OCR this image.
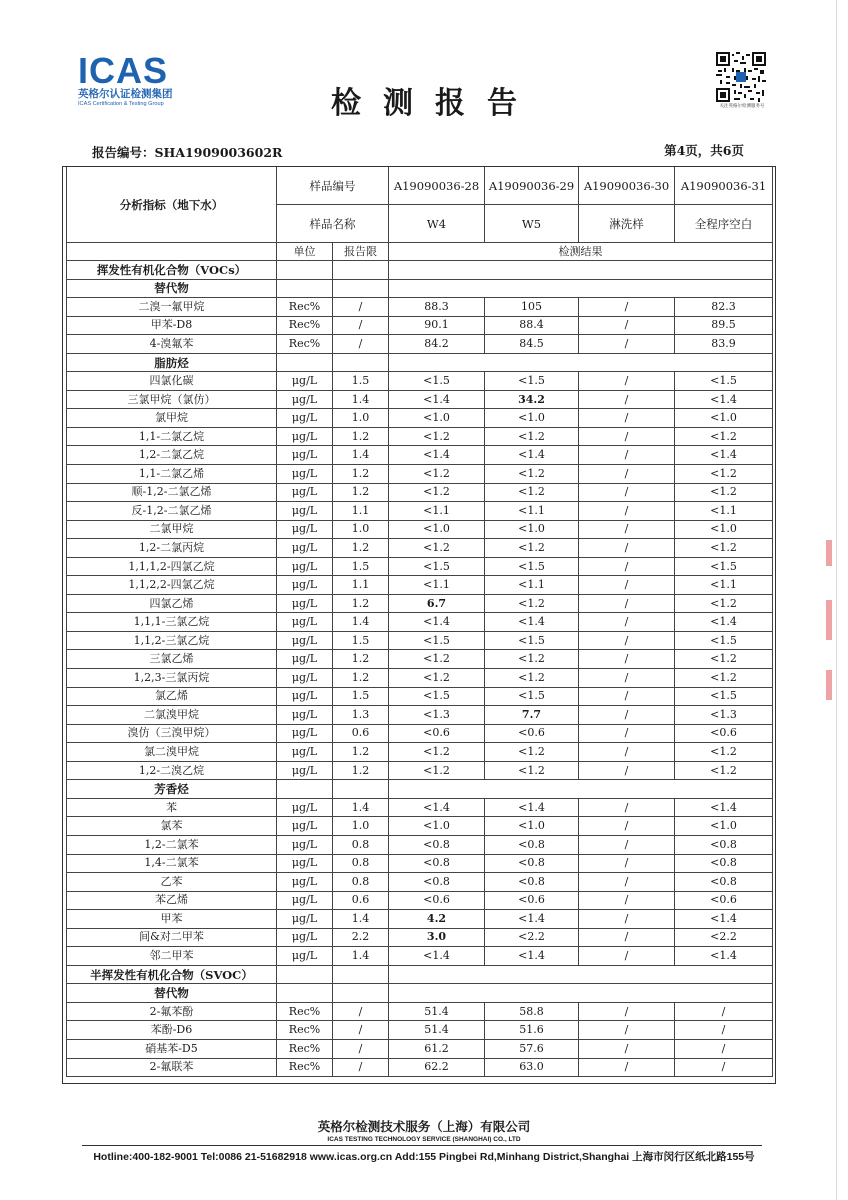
ICAS
英格尔认证检测集团
ICAS Certification & Testing Group	检测报告	关注英格尔检测服务号
报告编号：SHA1909003602R	第4页，共6页
分析指标（地下水）	样品编号		A19090036-28	A19090036-29	A19090036-30	A19090036-31
	样品名称		W4	W5	淋洗样	全程序空白
	单位	报告限	检测结果			
挥发性有机化合物（VOCs）						
替代物						
二溴一氟甲烷	Rec%	/	88.3	105	/	82.3
甲苯-D8	Rec%	/	90.1	88.4	/	89.5
4-溴氟苯	Rec%	/	84.2	84.5	/	83.9
脂肪烃						
四氯化碳	μg/L	1.5	<1.5	<1.5	/	<1.5
三氯甲烷（氯仿）	μg/L	1.4	<1.4	34.2	/	<1.4
氯甲烷	μg/L	1.0	<1.0	<1.0	/	<1.0
1,1-二氯乙烷	μg/L	1.2	<1.2	<1.2	/	<1.2
1,2-二氯乙烷	μg/L	1.4	<1.4	<1.4	/	<1.4
1,1-二氯乙烯	μg/L	1.2	<1.2	<1.2	/	<1.2
顺-1,2-二氯乙烯	μg/L	1.2	<1.2	<1.2	/	<1.2
反-1,2-二氯乙烯	μg/L	1.1	<1.1	<1.1	/	<1.1
二氯甲烷	μg/L	1.0	<1.0	<1.0	/	<1.0
1,2-二氯丙烷	μg/L	1.2	<1.2	<1.2	/	<1.2
1,1,1,2-四氯乙烷	μg/L	1.5	<1.5	<1.5	/	<1.5
1,1,2,2-四氯乙烷	μg/L	1.1	<1.1	<1.1	/	<1.1
四氯乙烯	μg/L	1.2	6.7	<1.2	/	<1.2
1,1,1-三氯乙烷	μg/L	1.4	<1.4	<1.4	/	<1.4
1,1,2-三氯乙烷	μg/L	1.5	<1.5	<1.5	/	<1.5
三氯乙烯	μg/L	1.2	<1.2	<1.2	/	<1.2
1,2,3-三氯丙烷	μg/L	1.2	<1.2	<1.2	/	<1.2
氯乙烯	μg/L	1.5	<1.5	<1.5	/	<1.5
二氯溴甲烷	μg/L	1.3	<1.3	7.7	/	<1.3
溴仿（三溴甲烷）	μg/L	0.6	<0.6	<0.6	/	<0.6
氯二溴甲烷	μg/L	1.2	<1.2	<1.2	/	<1.2
1,2-二溴乙烷	μg/L	1.2	<1.2	<1.2	/	<1.2
芳香烃						
苯	μg/L	1.4	<1.4	<1.4	/	<1.4
氯苯	μg/L	1.0	<1.0	<1.0	/	<1.0
1,2-二氯苯	μg/L	0.8	<0.8	<0.8	/	<0.8
1,4-二氯苯	μg/L	0.8	<0.8	<0.8	/	<0.8
乙苯	μg/L	0.8	<0.8	<0.8	/	<0.8
苯乙烯	μg/L	0.6	<0.6	<0.6	/	<0.6
甲苯	μg/L	1.4	4.2	<1.4	/	<1.4
间&对二甲苯	μg/L	2.2	3.0	<2.2	/	<2.2
邻二甲苯	μg/L	1.4	<1.4	<1.4	/	<1.4
半挥发性有机化合物（SVOC）						
替代物						
2-氟苯酚	Rec%	/	51.4	58.8	/	/
苯酚-D6	Rec%	/	51.4	51.6	/	/
硝基苯-D5	Rec%	/	61.2	57.6	/	/
2-氟联苯	Rec%	/	62.2	63.0	/	/
英格尔检测技术服务（上海）有限公司
ICAS TESTING TECHNOLOGY SERVICE (SHANGHAI) CO., LTD
Hotline:400-182-9001 Tel:0086 21-51682918 www.icas.org.cn Add:155 Pingbei Rd,Minhang District,Shanghai 上海市闵行区纸北路155号
